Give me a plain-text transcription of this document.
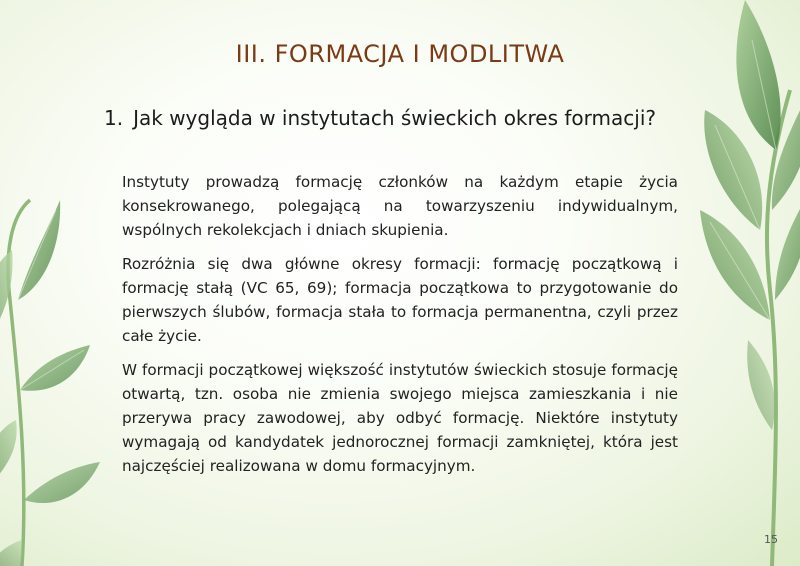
III. FORMACJA I MODLITWA
1. Jak wygląda w instytutach świeckich okres formacji?

Instytuty prowadzą formację członków na każdym etapie życia konsekrowanego, polegającą na towarzyszeniu indywidualnym, wspólnych rekolekcjach i dniach skupienia.

Rozróżnia się dwa główne okresy formacji: formację początkową i formację stałą (VC 65, 69); formacja początkowa to przygotowanie do pierwszych ślubów, formacja stała to formacja permanentna, czyli przez całe życie.

W formacji początkowej większość instytutów świeckich stosuje formację otwartą, tzn. osoba nie zmienia swojego miejsca zamieszkania i nie przerywa pracy zawodowej, aby odbyć formację. Niektóre instytuty wymagają od kandydatek jednorocznej formacji zamkniętej, która jest najczęściej realizowana w domu formacyjnym.

15
